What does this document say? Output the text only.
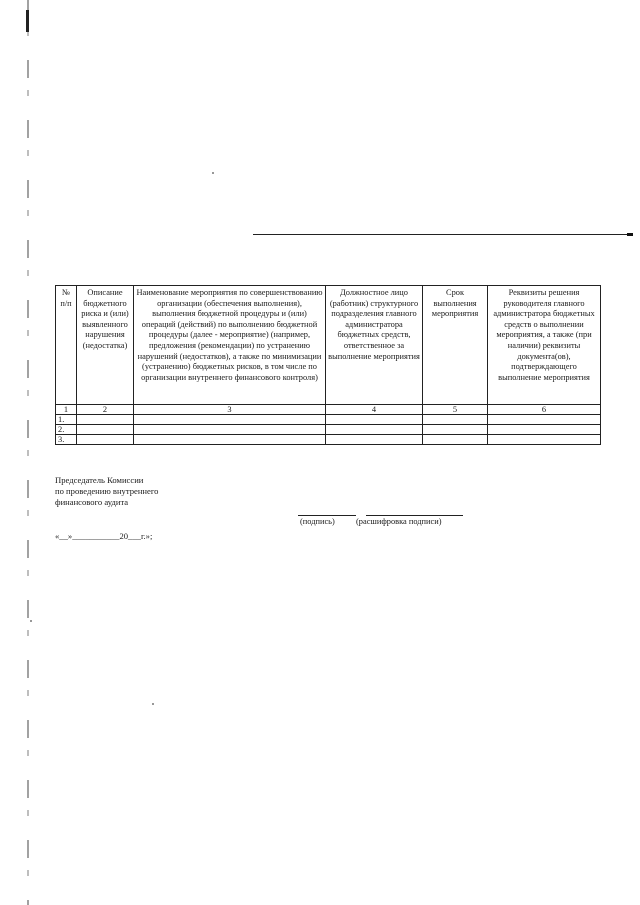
№ п/п	Описание бюджетного риска и (или) выявленного нарушения (недостатка)	Наименование мероприятия по совершенствованию организации (обеспечения выполнения), выполнения бюджетной процедуры и (или) операций (действий) по выполнению бюджетной процедуры (далее - мероприятие) (например, предложения (рекомендации) по устранению нарушений (недостатков), а также по минимизации (устранению) бюджетных рисков, в том числе по организации внутреннего финансового контроля)	Должностное лицо (работник) структурного подразделения главного администратора бюджетных средств, ответственное за выполнение мероприятия	Срок выполнения мероприятия	Реквизиты решения руководителя главного администратора бюджетных средств о выполнении мероприятия, а также (при наличии) реквизиты документа(ов), подтверждающего выполнение мероприятия
1	2	3	4	5	6
1.					
2.					
3.					
Председатель Комиссии
по проведению внутреннего
финансового аудита
(подпись)	(расшифровка подписи)
«__»___________20___г.»;
